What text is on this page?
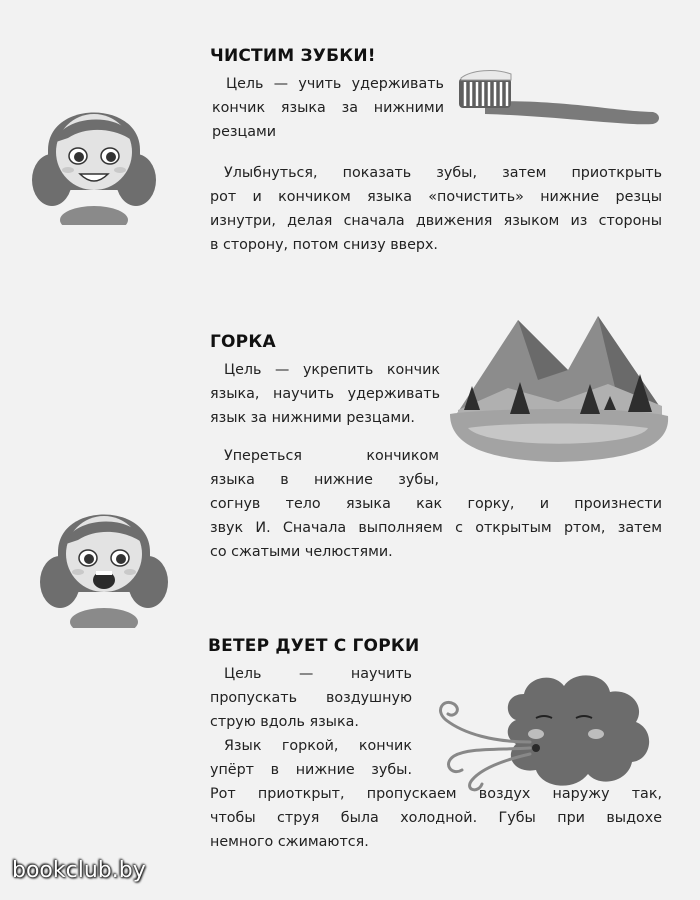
ЧИСТИМ ЗУБКИ!
Цель — учить удерживать
кончик языка за нижними
резцами
Улыбнуться, показать зубы, затем приоткрыть
рот и кончиком языка «почистить» нижние резцы
изнутри, делая сначала движения языком из стороны
в сторону, потом снизу вверх.
ГОРКА
Цель — укрепить кончик
языка, научить удерживать
язык за нижними резцами.
Упереться кончиком
языка в нижние зубы,
согнув тело языка как горку, и произнести
звук И. Сначала выполняем с открытым ртом, затем
со сжатыми челюстями.
ВЕТЕР ДУЕТ С ГОРКИ
Цель — научить
пропускать воздушную
струю вдоль языка.
Язык горкой, кончик
упёрт в нижние зубы.
Рот приоткрыт, пропускаем воздух наружу так,
чтобы струя была холодной. Губы при выдохе
немного сжимаются.
bookclub.by
